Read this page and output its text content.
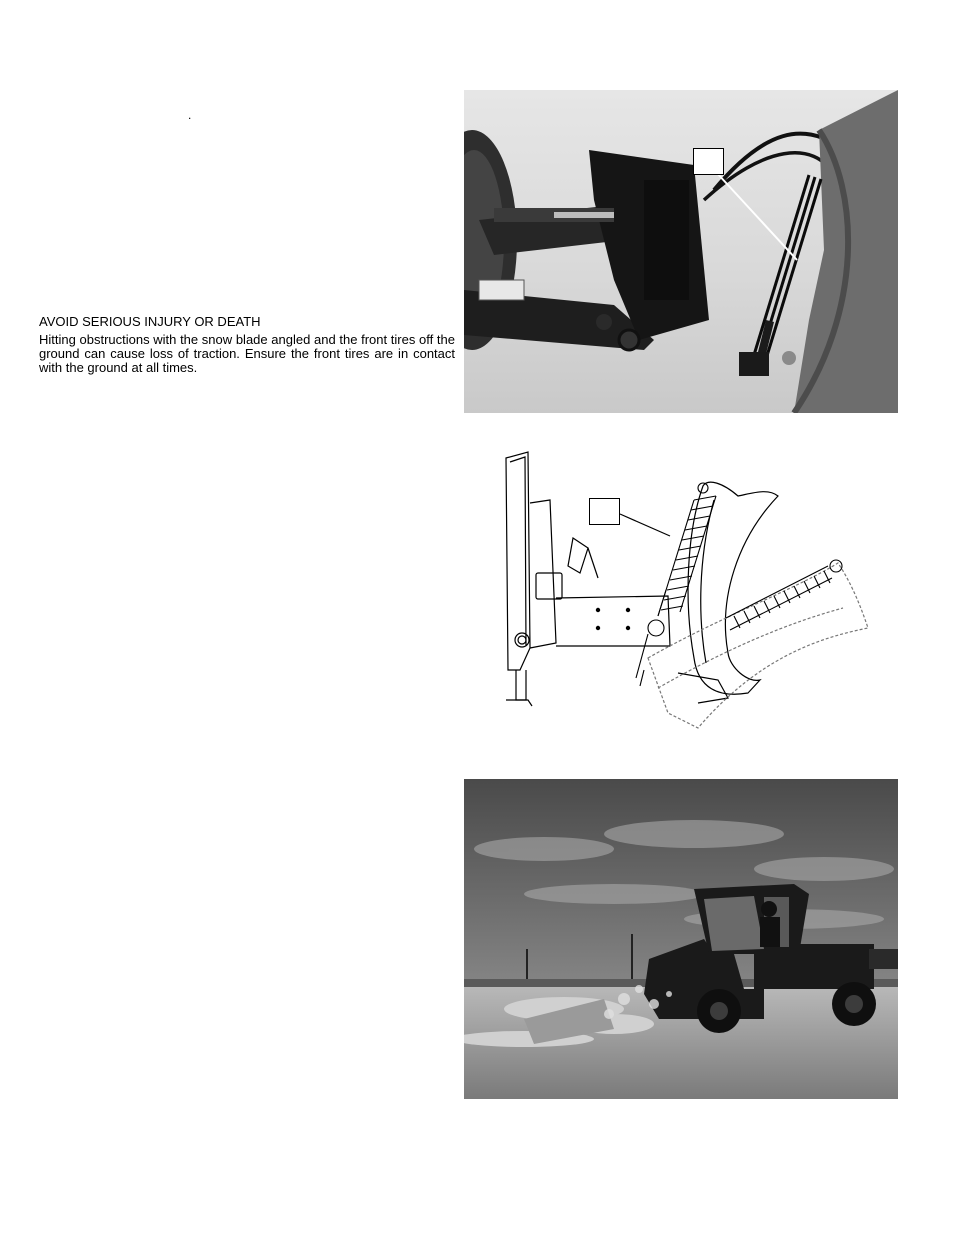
.
AVOID SERIOUS INJURY OR DEATH

Hitting obstructions with the snow blade angled and the front tires off the ground can cause loss of traction. Ensure the front tires are in contact with the ground at all times.
